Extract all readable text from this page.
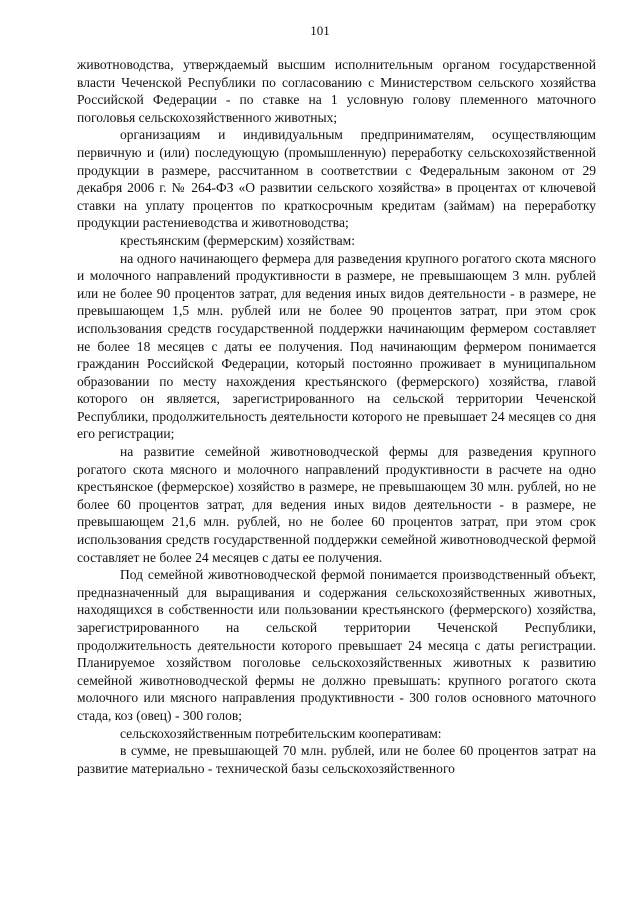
101

животноводства, утверждаемый высшим исполнительным органом государственной власти Чеченской Республики по согласованию с Министерством сельского хозяйства Российской Федерации - по ставке на 1 условную голову племенного маточного поголовья сельскохозяйственного животных;

организациям и индивидуальным предпринимателям, осуществляющим первичную и (или) последующую (промышленную) переработку сельскохозяйственной продукции в размере, рассчитанном в соответствии с Федеральным законом от 29 декабря 2006 г. № 264-ФЗ «О развитии сельского хозяйства» в процентах от ключевой ставки на уплату процентов по краткосрочным кредитам (займам) на переработку продукции растениеводства и животноводства;

крестьянским (фермерским) хозяйствам:

на одного начинающего фермера для разведения крупного рогатого скота мясного и молочного направлений продуктивности в размере, не превышающем 3 млн. рублей или не более 90 процентов затрат, для ведения иных видов деятельности - в размере, не превышающем 1,5 млн. рублей или не более 90 процентов затрат, при этом срок использования средств государственной поддержки начинающим фермером составляет не более 18 месяцев с даты ее получения. Под начинающим фермером понимается гражданин Российской Федерации, который постоянно проживает в муниципальном образовании по месту нахождения крестьянского (фермерского) хозяйства, главой которого он является, зарегистрированного на сельской территории Чеченской Республики, продолжительность деятельности которого не превышает 24 месяцев со дня его регистрации;

на развитие семейной животноводческой фермы для разведения крупного рогатого скота мясного и молочного направлений продуктивности в расчете на одно крестьянское (фермерское) хозяйство в размере, не превышающем 30 млн. рублей, но не более 60 процентов затрат, для ведения иных видов деятельности - в размере, не превышающем 21,6 млн. рублей, но не более 60 процентов затрат, при этом срок использования средств государственной поддержки семейной животноводческой фермой составляет не более 24 месяцев с даты ее получения.

Под семейной животноводческой фермой понимается производственный объект, предназначенный для выращивания и содержания сельскохозяйственных животных, находящихся в собственности или пользовании крестьянского (фермерского) хозяйства, зарегистрированного на сельской территории Чеченской Республики, продолжительность деятельности которого превышает 24 месяца с даты регистрации. Планируемое хозяйством поголовье сельскохозяйственных животных к развитию семейной животноводческой фермы не должно превышать: крупного рогатого скота молочного или мясного направления продуктивности - 300 голов основного маточного стада, коз (овец) - 300 голов;

сельскохозяйственным потребительским кооперативам:

в сумме, не превышающей 70 млн. рублей, или не более 60 процентов затрат на развитие материально - технической базы сельскохозяйственного
